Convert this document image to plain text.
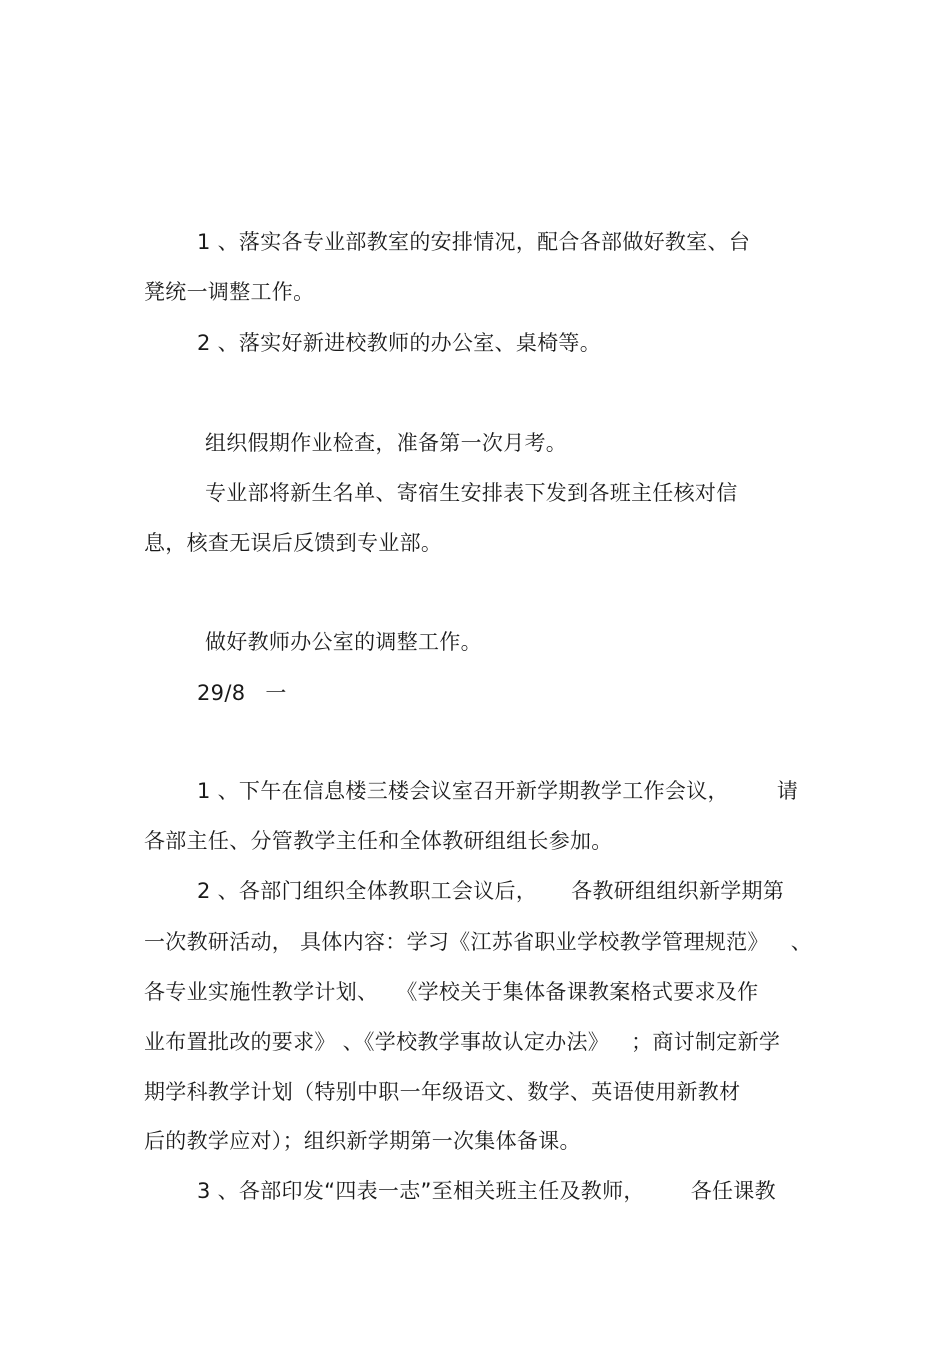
1 、落实各专业部教室的安排情况，配合各部做好教室、台
凳统一调整工作。
2 、落实好新进校教师的办公室、桌椅等。
组织假期作业检查，准备第一次月考。
专业部将新生名单、寄宿生安排表下发到各班主任核对信
息，核查无误后反馈到专业部。
做好教师办公室的调整工作。
29/8 一
1 、下午在信息楼三楼会议室召开新学期教学工作会议， 请
各部主任、分管教学主任和全体教研组组长参加。
2 、各部门组织全体教职工会议后， 各教研组组织新学期第
一次教研活动， 具体内容：学习《江苏省职业学校教学管理规范》 、
各专业实施性教学计划、 《学校关于集体备课教案格式要求及作
业布置批改的要求》 、《学校教学事故认定办法》 ；商讨制定新学
期学科教学计划（特别中职一年级语文、数学、英语使用新教材
后的教学应对）；组织新学期第一次集体备课。
3 、各部印发“四表一志”至相关班主任及教师， 各任课教
